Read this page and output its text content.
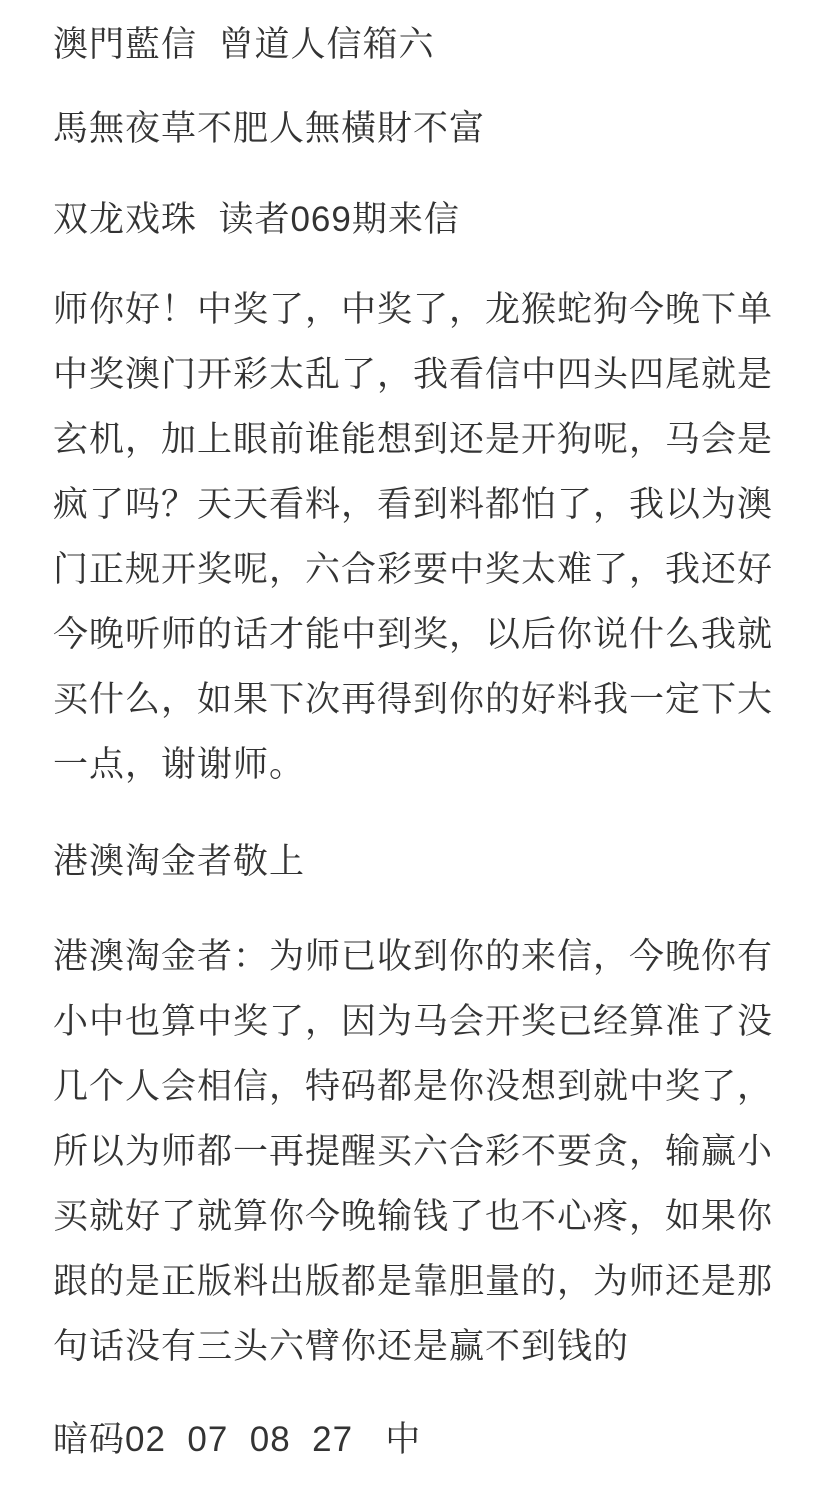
澳門藍信  曾道人信箱六
馬無夜草不肥人無橫財不富
双龙戏珠  读者069期来信
师你好！中奖了，中奖了，龙猴蛇狗今晚下单
中奖澳门开彩太乱了，我看信中四头四尾就是
玄机，加上眼前谁能想到还是开狗呢，马会是
疯了吗？天天看料，看到料都怕了，我以为澳
门正规开奖呢，六合彩要中奖太难了，我还好
今晚听师的话才能中到奖，以后你说什么我就
买什么，如果下次再得到你的好料我一定下大
一点，谢谢师。
港澳淘金者敬上
港澳淘金者：为师已收到你的来信，今晚你有
小中也算中奖了，因为马会开奖已经算准了没
几个人会相信，特码都是你没想到就中奖了，
所以为师都一再提醒买六合彩不要贪，输赢小
买就好了就算你今晚输钱了也不心疼，如果你
跟的是正版料出版都是靠胆量的，为师还是那
句话没有三头六臂你还是赢不到钱的
暗码02  07  08  27   中
